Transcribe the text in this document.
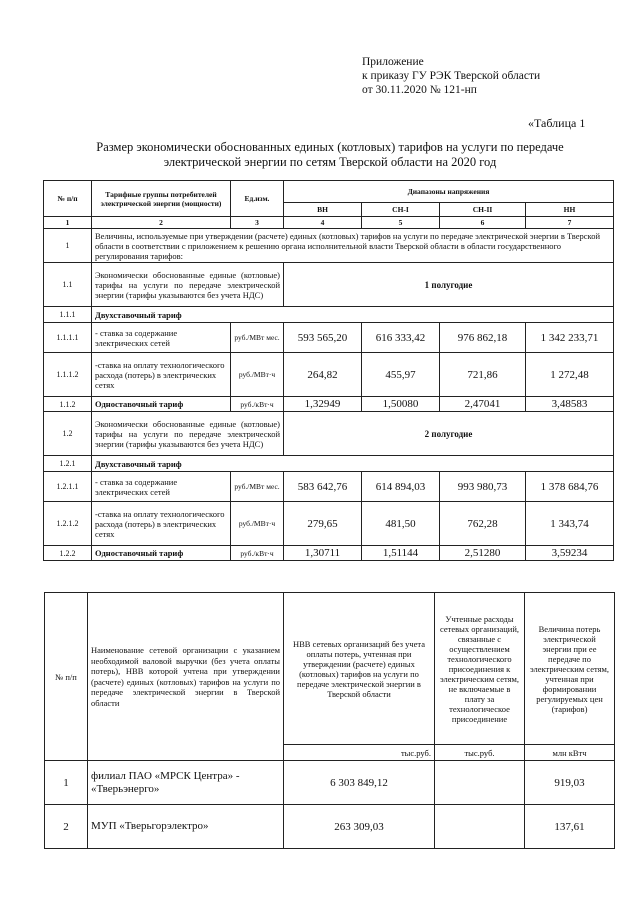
Приложение
к приказу ГУ РЭК Тверской области
от 30.11.2020 № 121-нп
«Таблица 1
Размер экономически обоснованных единых (котловых) тарифов на услуги по передаче
электрической энергии по сетям Тверской области на 2020 год
№ п/п	Тарифные группы потребителей электрической энергии (мощности)	Ед.изм.	Диапазоны напряжения			
			ВН	СН-I	СН-II	НН
1	2	3	4	5	6	7
1	Величины, используемые при утверждении (расчете) единых (котловых) тарифов на услуги по передаче электрической энергии в Тверской области в соответствии с приложением к решению органа исполнительной власти Тверской области в области государственного регулирования тарифов:					
1.1	Экономически обоснованные единые (котловые) тарифы на услуги по передаче электрической энергии (тарифы указываются без учета НДС)		1 полугодие			
1.1.1	Двухставочный тариф					
1.1.1.1	- ставка за содержание электрических сетей	руб./МВт мес.	593 565,20	616 333,42	976 862,18	1 342 233,71
1.1.1.2	-ставка на оплату технологического расхода (потерь) в электрических сетях	руб./МВт·ч	264,82	455,97	721,86	1 272,48
1.1.2	Одноставочный тариф	руб./кВт·ч	1,32949	1,50080	2,47041	3,48583
1.2	Экономически обоснованные единые (котловые) тарифы на услуги по передаче электрической энергии (тарифы указываются без учета НДС)		2 полугодие			
1.2.1	Двухставочный тариф					
1.2.1.1	- ставка за содержание электрических сетей	руб./МВт мес.	583 642,76	614 894,03	993 980,73	1 378 684,76
1.2.1.2	-ставка на оплату технологического расхода (потерь) в электрических сетях	руб./МВт·ч	279,65	481,50	762,28	1 343,74
1.2.2	Одноставочный тариф	руб./кВт·ч	1,30711	1,51144	2,51280	3,59234
№ п/п	Наименование сетевой организации с указанием необходимой валовой выручки (без учета оплаты потерь), НВВ которой учтена при утверждении (расчете) единых (котловых) тарифов на услуги по передаче электрической энергии в Тверской области	НВВ сетевых организаций без учета оплаты потерь, учтенная при утверждении (расчете) единых (котловых) тарифов на услуги по передаче электрической энергии в Тверской области	Учтенные расходы сетевых организаций, связанные с осуществлением технологического присоединения к электрическим сетям, не включаемые в плату за технологическое присоединение	Величина потерь электрической энергии при ее передаче по электрическим сетям, учтенная при формировании регулируемых цен (тарифов)
		тыс.руб.	тыс.руб.	млн кВтч
1	филиал ПАО «МРСК Центра» - «Тверьэнерго»	6 303 849,12		919,03
2	МУП «Тверьгорэлектро»	263 309,03		137,61
